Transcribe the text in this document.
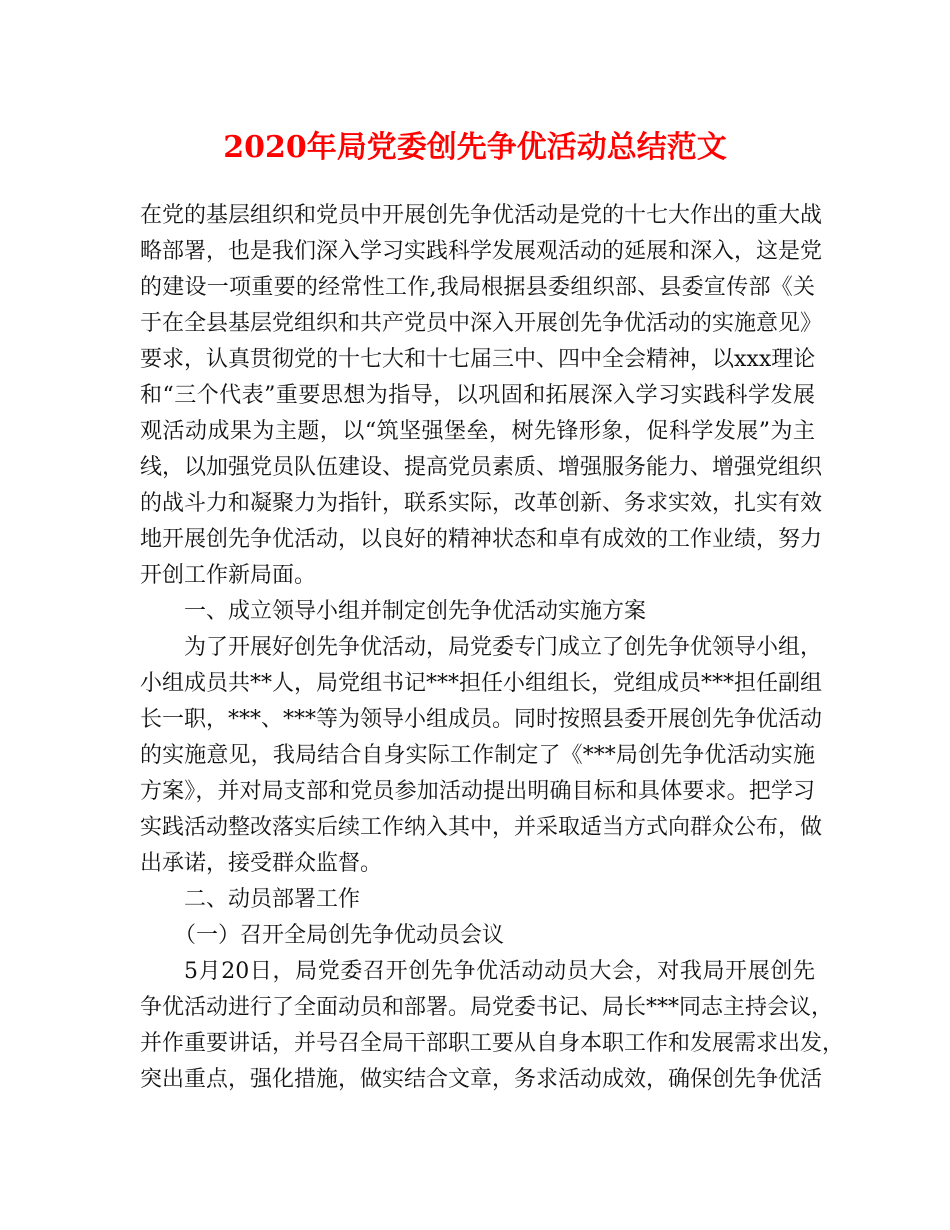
2020年局党委创先争优活动总结范文
在党的基层组织和党员中开展创先争优活动是党的十七大作出的重大战
略部署，也是我们深入学习实践科学发展观活动的延展和深入，这是党
的建设一项重要的经常性工作,我局根据县委组织部、县委宣传部《关
于在全县基层党组织和共产党员中深入开展创先争优活动的实施意见》
要求，认真贯彻党的十七大和十七届三中、四中全会精神，以xxx理论
和“三个代表”重要思想为指导，以巩固和拓展深入学习实践科学发展
观活动成果为主题，以“筑坚强堡垒，树先锋形象，促科学发展”为主
线，以加强党员队伍建设、提高党员素质、增强服务能力、增强党组织
的战斗力和凝聚力为指针，联系实际，改革创新、务求实效，扎实有效
地开展创先争优活动，以良好的精神状态和卓有成效的工作业绩，努力
开创工作新局面。
一、成立领导小组并制定创先争优活动实施方案
为了开展好创先争优活动，局党委专门成立了创先争优领导小组，
小组成员共**人，局党组书记***担任小组组长，党组成员***担任副组
长一职，***、***等为领导小组成员。同时按照县委开展创先争优活动
的实施意见，我局结合自身实际工作制定了《***局创先争优活动实施
方案》，并对局支部和党员参加活动提出明确目标和具体要求。把学习
实践活动整改落实后续工作纳入其中，并采取适当方式向群众公布，做
出承诺，接受群众监督。
二、动员部署工作
（一）召开全局创先争优动员会议
5月20日，局党委召开创先争优活动动员大会，对我局开展创先
争优活动进行了全面动员和部署。局党委书记、局长***同志主持会议，
并作重要讲话，并号召全局干部职工要从自身本职工作和发展需求出发，
突出重点，强化措施，做实结合文章，务求活动成效，确保创先争优活
